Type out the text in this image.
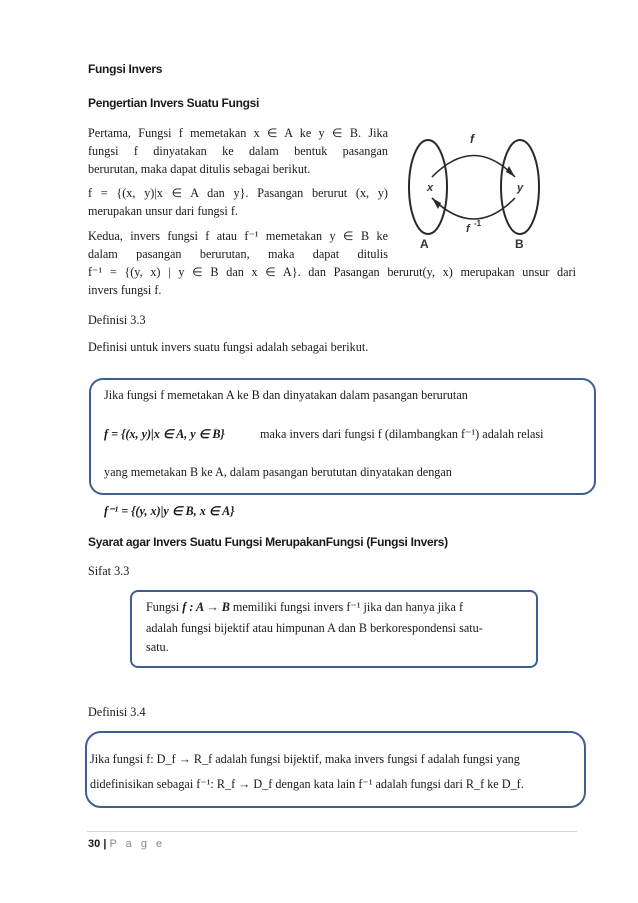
Fungsi Invers
Pengertian Invers Suatu Fungsi
Pertama, Fungsi f memetakan x ∈ A ke y ∈ B. Jika
fungsi f dinyatakan ke dalam bentuk pasangan
berurutan, maka dapat ditulis sebagai berikut.
f = {(x, y)|x ∈ A dan y}. Pasangan berurut (x, y)
merupakan unsur dari fungsi f.
Kedua, invers fungsi f atau f⁻¹ memetakan y ∈ B ke
dalam pasangan berurutan, maka dapat ditulis
f⁻¹ = {(y, x) | y ∈ B dan x ∈ A}. dan Pasangan berurut(y, x) merupakan unsur dari
invers fungsi f.
f
x	y
f -1
A	B
Definisi 3.3
Definisi untuk invers suatu fungsi adalah sebagai berikut.
Jika fungsi f memetakan A ke B dan dinyatakan dalam pasangan berurutan
f = {(x, y)|x ∈ A, y ∈ B}	maka invers dari fungsi f (dilambangkan f⁻¹) adalah relasi
yang memetakan B ke A, dalam pasangan berututan dinyatakan dengan
f⁻¹ = {(y, x)|y ∈ B, x ∈ A}
Syarat agar Invers Suatu Fungsi MerupakanFungsi (Fungsi Invers)
Sifat 3.3
Fungsi f : A → B memiliki fungsi invers f⁻¹ jika dan hanya jika f
adalah fungsi bijektif atau himpunan A dan B berkorespondensi satu-
satu.
Definisi 3.4
Jika fungsi f: D_f → R_f adalah fungsi bijektif, maka invers fungsi f adalah fungsi yang
didefinisikan sebagai f⁻¹: R_f → D_f dengan kata lain f⁻¹ adalah fungsi dari R_f ke D_f.
30 | P a g e
